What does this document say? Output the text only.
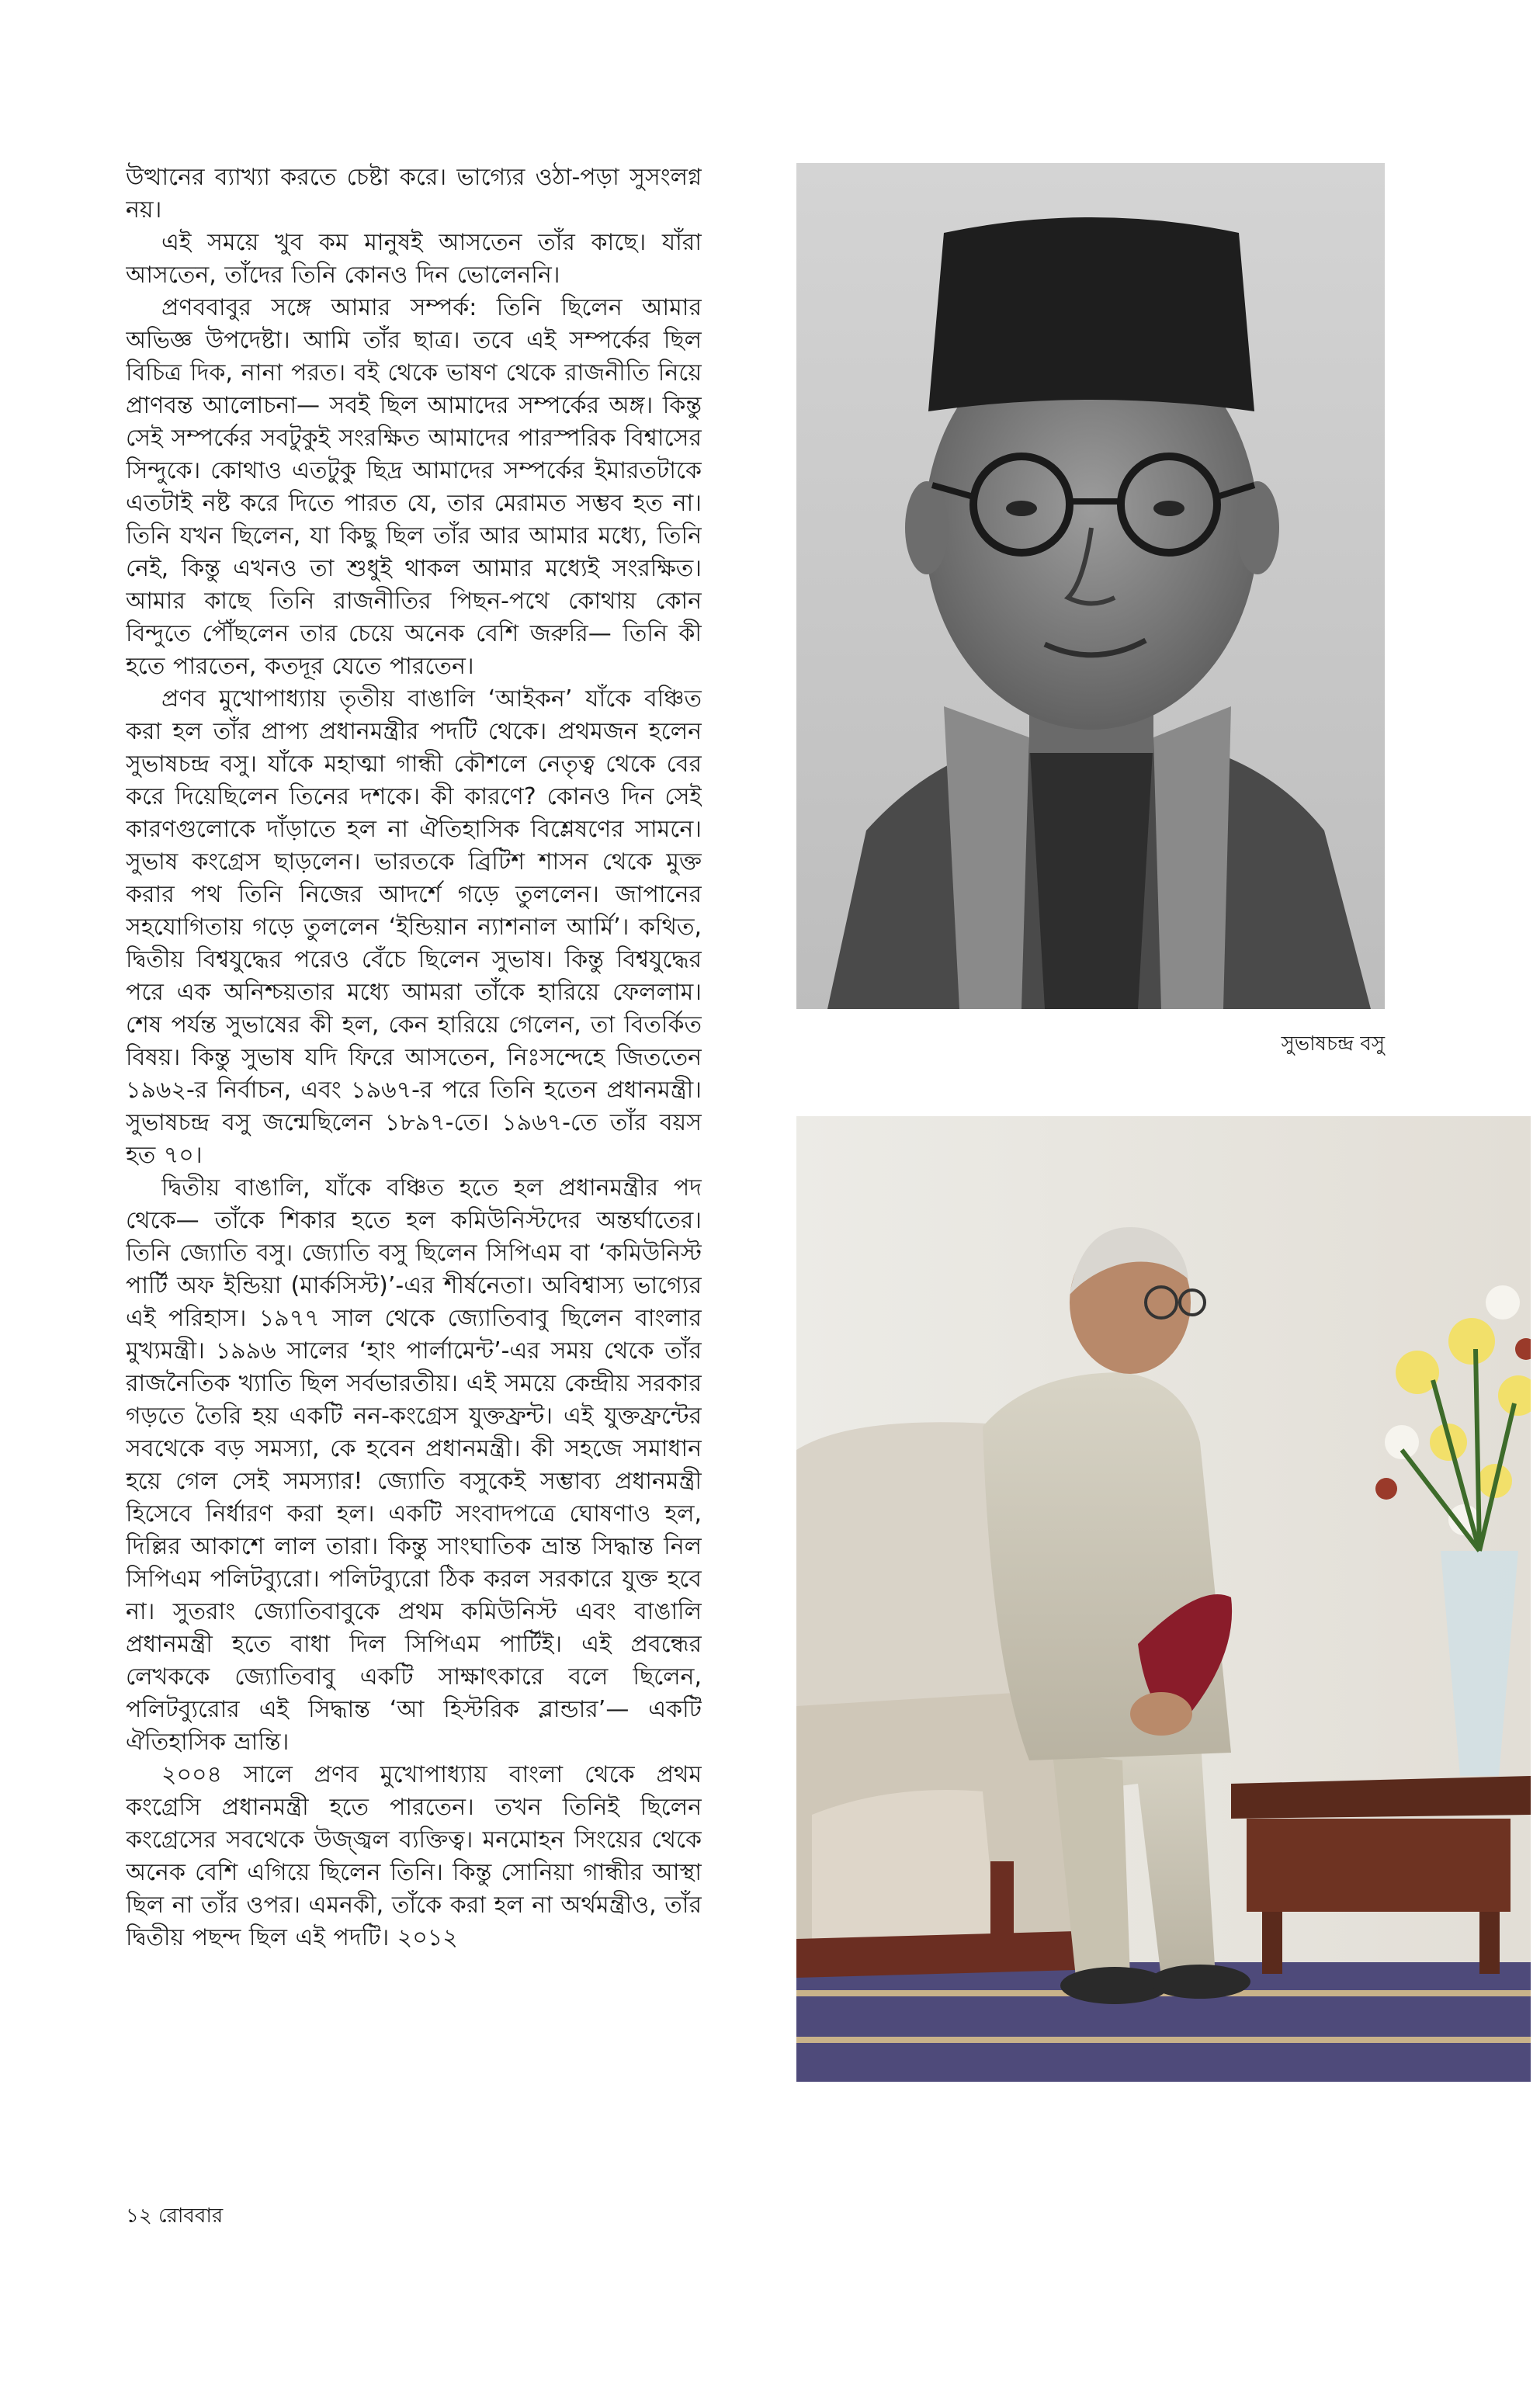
উত্থানের ব্যাখ্যা করতে চেষ্টা করে। ভাগ্যের ওঠা-পড়া সুসংলগ্ন নয়।

এই সময়ে খুব কম মানুষই আসতেন তাঁর কাছে। যাঁরা আসতেন, তাঁদের তিনি কোনও দিন ভোলেননি।

প্রণববাবুর সঙ্গে আমার সম্পর্ক: তিনি ছিলেন আমার অভিজ্ঞ উপদেষ্টা। আমি তাঁর ছাত্র। তবে এই সম্পর্কের ছিল বিচিত্র দিক, নানা পরত। বই থেকে ভাষণ থেকে রাজনীতি নিয়ে প্রাণবন্ত আলোচনা— সবই ছিল আমাদের সম্পর্কের অঙ্গ। কিন্তু সেই সম্পর্কের সবটুকুই সংরক্ষিত আমাদের পারস্পরিক বিশ্বাসের সিন্দুকে। কোথাও এতটুকু ছিদ্র আমাদের সম্পর্কের ইমারতটাকে এতটাই নষ্ট করে দিতে পারত যে, তার মেরামত সম্ভব হত না। তিনি যখন ছিলেন, যা কিছু ছিল তাঁর আর আমার মধ্যে, তিনি নেই, কিন্তু এখনও তা শুধুই থাকল আমার মধ্যেই সংরক্ষিত। আমার কাছে তিনি রাজনীতির পিছন-পথে কোথায় কোন বিন্দুতে পৌঁছলেন তার চেয়ে অনেক বেশি জরুরি— তিনি কী হতে পারতেন, কতদূর যেতে পারতেন।

প্রণব মুখোপাধ্যায় তৃতীয় বাঙালি ‘আইকন’ যাঁকে বঞ্চিত করা হল তাঁর প্রাপ্য প্রধানমন্ত্রীর পদটি থেকে। প্রথমজন হলেন সুভাষচন্দ্র বসু। যাঁকে মহাত্মা গান্ধী কৌশলে নেতৃত্ব থেকে বের করে দিয়েছিলেন তিনের দশকে। কী কারণে? কোনও দিন সেই কারণগুলোকে দাঁড়াতে হল না ঐতিহাসিক বিশ্লেষণের সামনে। সুভাষ কংগ্রেস ছাড়লেন। ভারতকে ব্রিটিশ শাসন থেকে মুক্ত করার পথ তিনি নিজের আদর্শে গড়ে তুললেন। জাপানের সহযোগিতায় গড়ে তুললেন ‘ইন্ডিয়ান ন্যাশনাল আর্মি’। কথিত, দ্বিতীয় বিশ্বযুদ্ধের পরেও বেঁচে ছিলেন সুভাষ। কিন্তু বিশ্বযুদ্ধের পরে এক অনিশ্চয়তার মধ্যে আমরা তাঁকে হারিয়ে ফেললাম। শেষ পর্যন্ত সুভাষের কী হল, কেন হারিয়ে গেলেন, তা বিতর্কিত বিষয়। কিন্তু সুভাষ যদি ফিরে আসতেন, নিঃসন্দেহে জিততেন ১৯৬২-র নির্বাচন, এবং ১৯৬৭-র পরে তিনি হতেন প্রধানমন্ত্রী। সুভাষচন্দ্র বসু জন্মেছিলেন ১৮৯৭-তে। ১৯৬৭-তে তাঁর বয়স হত ৭০।

দ্বিতীয় বাঙালি, যাঁকে বঞ্চিত হতে হল প্রধানমন্ত্রীর পদ থেকে— তাঁকে শিকার হতে হল কমিউনিস্টদের অন্তর্ঘাতের। তিনি জ্যোতি বসু। জ্যোতি বসু ছিলেন সিপিএম বা ‘কমিউনিস্ট পার্টি অফ ইন্ডিয়া (মার্কসিস্ট)’-এর শীর্ষনেতা। অবিশ্বাস্য ভাগ্যের এই পরিহাস। ১৯৭৭ সাল থেকে জ্যোতিবাবু ছিলেন বাংলার মুখ্যমন্ত্রী। ১৯৯৬ সালের ‘হাং পার্লামেন্ট’-এর সময় থেকে তাঁর রাজনৈতিক খ্যাতি ছিল সর্বভারতীয়। এই সময়ে কেন্দ্রীয় সরকার গড়তে তৈরি হয় একটি নন-কংগ্রেস যুক্তফ্রন্ট। এই যুক্তফ্রন্টের সবথেকে বড় সমস্যা, কে হবেন প্রধানমন্ত্রী। কী সহজে সমাধান হয়ে গেল সেই সমস্যার! জ্যোতি বসুকেই সম্ভাব্য প্রধানমন্ত্রী হিসেবে নির্ধারণ করা হল। একটি সংবাদপত্রে ঘোষণাও হল, দিল্লির আকাশে লাল তারা। কিন্তু সাংঘাতিক ভ্রান্ত সিদ্ধান্ত নিল সিপিএম পলিটব্যুরো। পলিটব্যুরো ঠিক করল সরকারে যুক্ত হবে না। সুতরাং জ্যোতিবাবুকে প্রথম কমিউনিস্ট এবং বাঙালি প্রধানমন্ত্রী হতে বাধা দিল সিপিএম পার্টিই। এই প্রবন্ধের লেখককে জ্যোতিবাবু একটি সাক্ষাৎকারে বলে ছিলেন, পলিটব্যুরোর এই সিদ্ধান্ত ‘আ হিস্টরিক ব্লান্ডার’— একটি ঐতিহাসিক ভ্রান্তি।

২০০৪ সালে প্রণব মুখোপাধ্যায় বাংলা থেকে প্রথম কংগ্রেসি প্রধানমন্ত্রী হতে পারতেন। তখন তিনিই ছিলেন কংগ্রেসের সবথেকে উজ্জ্বল ব্যক্তিত্ব। মনমোহন সিংয়ের থেকে অনেক বেশি এগিয়ে ছিলেন তিনি। কিন্তু সোনিয়া গান্ধীর আস্থা ছিল না তাঁর ওপর। এমনকী, তাঁকে করা হল না অর্থমন্ত্রীও, তাঁর দ্বিতীয় পছন্দ ছিল এই পদটি। ২০১২

সুভাষচন্দ্র বসু
১২ রোববার
